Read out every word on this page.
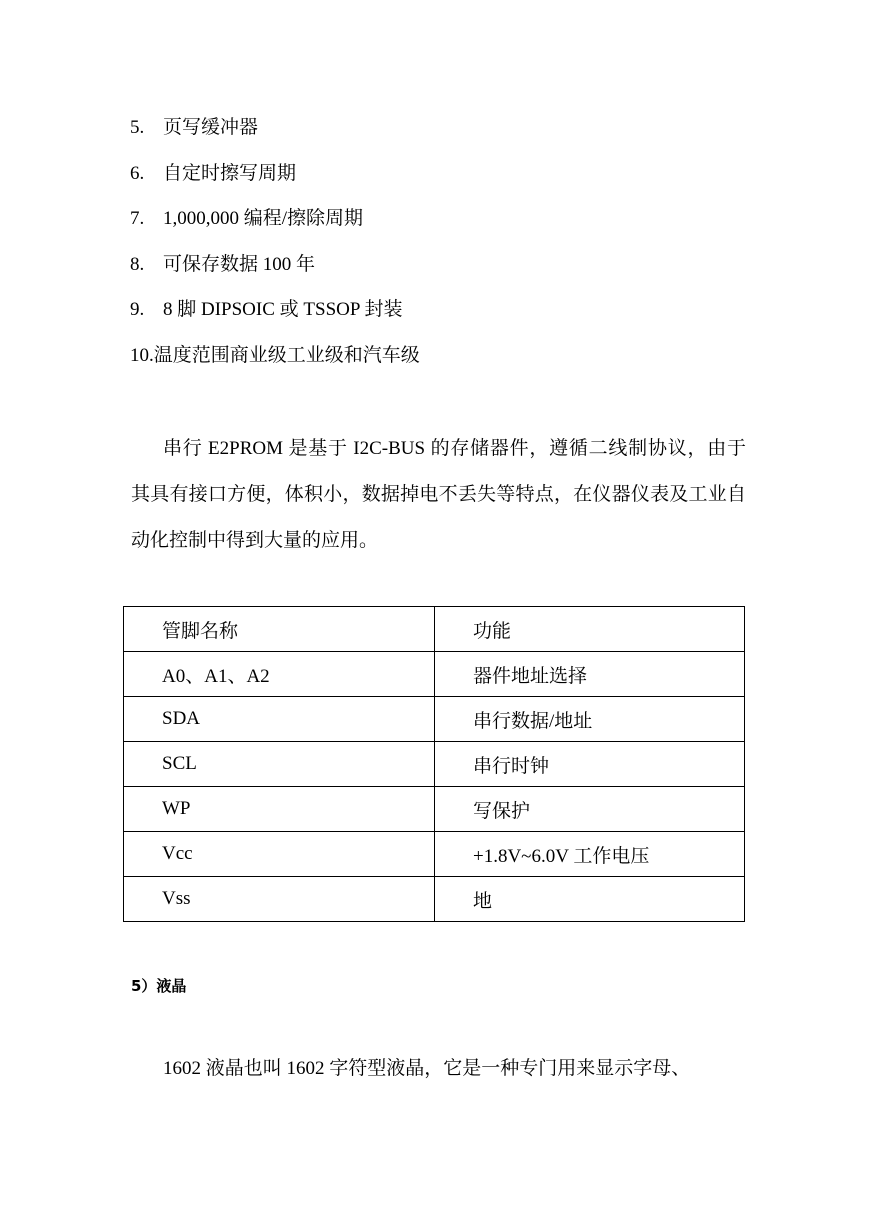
5. 页写缓冲器
6. 自定时擦写周期
7. 1,000,000 编程/擦除周期
8. 可保存数据 100 年
9. 8 脚 DIPSOIC 或 TSSOP 封装
10.温度范围商业级工业级和汽车级

串行 E2PROM 是基于 I2C-BUS 的存储器件，遵循二线制协议，由于其具有接口方便，体积小，数据掉电不丢失等特点，在仪器仪表及工业自动化控制中得到大量的应用。

管脚名称	功能
A0、A1、A2	器件地址选择
SDA	串行数据/地址
SCL	串行时钟
WP	写保护
Vcc	+1.8V~6.0V 工作电压
Vss	地

5）液晶

1602 液晶也叫 1602 字符型液晶，它是一种专门用来显示字母、
